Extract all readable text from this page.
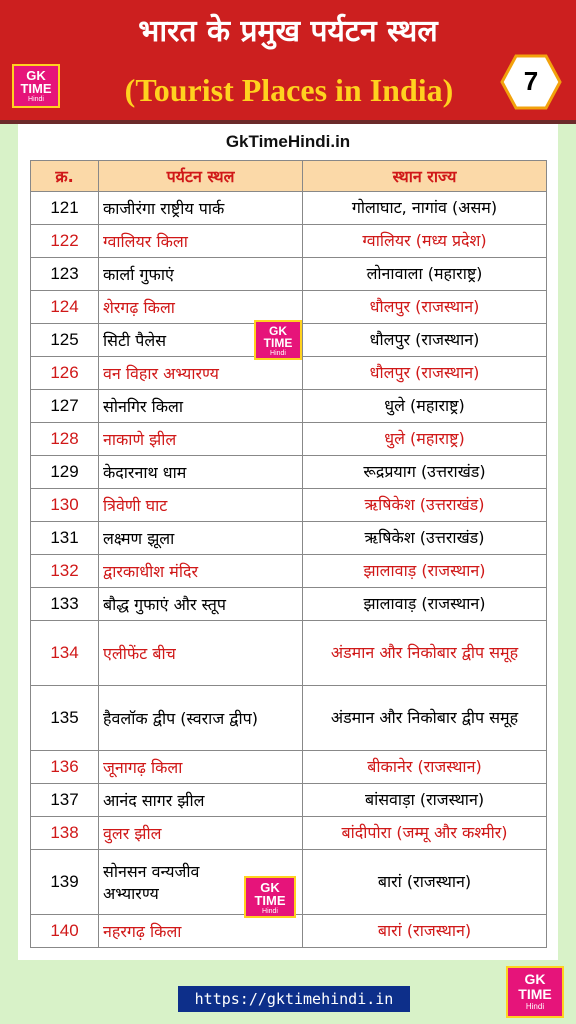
भारत के प्रमुख पर्यटन स्थल
GK
TIME
Hindi	(Tourist Places in India)	7
GkTimeHindi.in
क्र.	पर्यटन स्थल	स्थान राज्य
121	काजीरंगा राष्ट्रीय पार्क	गोलाघाट, नागांव (असम)
122	ग्वालियर किला	ग्वालियर (मध्य प्रदेश)
123	कार्ला गुफाएं	लोनावाला (महाराष्ट्र)
124	शेरगढ़ किला	धौलपुर (राजस्थान)
125	सिटी पैलेस	धौलपुर (राजस्थान)
126	वन विहार अभ्यारण्य	धौलपुर (राजस्थान)
127	सोनगिर किला	धुले (महाराष्ट्र)
128	नाकाणे झील	धुले (महाराष्ट्र)
129	केदारनाथ धाम	रूद्रप्रयाग (उत्तराखंड)
130	त्रिवेणी घाट	ऋषिकेश (उत्तराखंड)
131	लक्ष्मण झूला	ऋषिकेश (उत्तराखंड)
132	द्वारकाधीश मंदिर	झालावाड़ (राजस्थान)
133	बौद्ध गुफाएं और स्तूप	झालावाड़ (राजस्थान)
134	एलीफेंट बीच	अंडमान और निकोबार द्वीप समूह
135	हैवलॉक द्वीप (स्वराज द्वीप)	अंडमान और निकोबार द्वीप समूह
136	जूनागढ़ किला	बीकानेर (राजस्थान)
137	आनंद सागर झील	बांसवाड़ा (राजस्थान)
138	वुलर झील	बांदीपोरा (जम्मू और कश्मीर)
139	सोनसन वन्यजीव अभ्यारण्य	बारां (राजस्थान)
140	नहरगढ़ किला	बारां (राजस्थान)
GK
TIME
Hindi
GK
TIME
Hindi
https://gktimehindi.in
GK
TIME
Hindi
